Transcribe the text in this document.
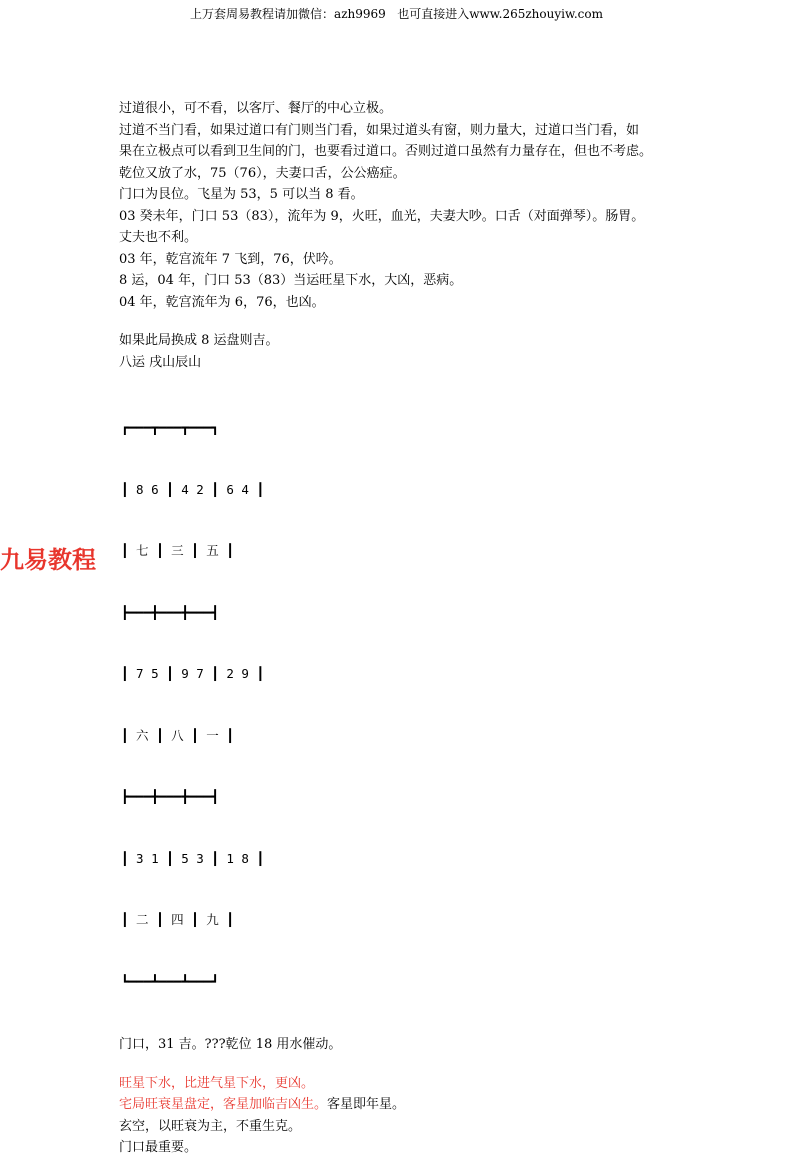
上万套周易教程请加微信：azh9969   也可直接进入www.265zhouyiw.com
九易教程
过道很小，可不看，以客厅、餐厅的中心立极。
过道不当门看，如果过道口有门则当门看，如果过道头有窗，则力量大，过道口当门看，如
果在立极点可以看到卫生间的门，也要看过道口。否则过道口虽然有力量存在，但也不考虑。
乾位又放了水，75（76），夫妻口舌，公公癌症。
门口为艮位。飞星为 53，5 可以当 8 看。
03 癸未年，门口 53（83），流年为 9，火旺，血光，夫妻大吵。口舌（对面弹琴）。肠胃。
丈夫也不利。
03 年，乾宫流年 7 飞到，76，伏吟。
8 运，04 年，门口 53（83）当运旺星下水，大凶，恶病。
04 年，乾宫流年为 6，76，也凶。
如果此局换成 8 运盘则吉。
八运 戌山辰山

┏━━━┳━━━┳━━━┓

┃ 8 6 ┃ 4 2 ┃ 6 4 ┃

┃ 七 ┃ 三 ┃ 五 ┃

┣━━━╋━━━╋━━━┫

┃ 7 5 ┃ 9 7 ┃ 2 9 ┃

┃ 六 ┃ 八 ┃ 一 ┃

┣━━━╋━━━╋━━━┫

┃ 3 1 ┃ 5 3 ┃ 1 8 ┃

┃ 二 ┃ 四 ┃ 九 ┃

┗━━━┻━━━┻━━━┛

门口，31 吉。???乾位 18 用水催动。
旺星下水，比进气星下水，更凶。
宅局旺衰星盘定，客星加临吉凶生。客星即年星。
玄空，以旺衰为主，不重生克。
门口最重要。
